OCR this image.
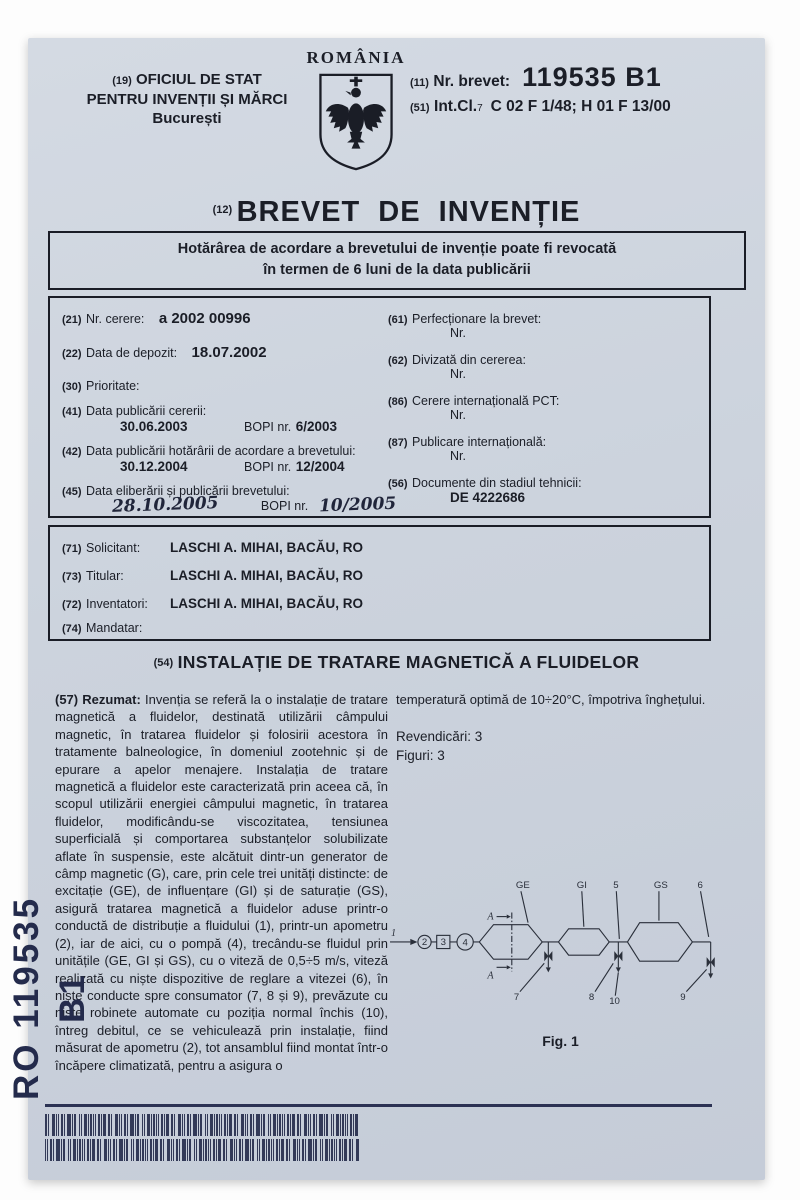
(19) OFICIUL DE STAT
PENTRU INVENȚII ȘI MĂRCI
București
ROMÂNIA
(11)
Nr. brevet: 119535 B1
(51)
Int.Cl. 7 C 02 F 1/48; H 01 F 13/00
$^{(12)}$ BREVET DE INVENȚIE
Hotărârea de acordare a brevetului de invenție poate fi revocată
în termen de 6 luni de la data publicării
(21) Nr. cerere: a 2002 00996
(22) Data de depozit: 18.07.2002
(30) Prioritate:
(41) Data publicării cererii:
30.06.2003	BOPI nr. 6/2003
(42) Data publicării hotărârii de acordare a brevetului:
30.12.2004	BOPI nr. 12/2004
(45) Data eliberării și publicării brevetului:
28.10.2005	BOPI nr. 10/2005
(61) Perfecționare la brevet:
Nr.
(62) Divizată din cererea:
Nr.
(86) Cerere internațională PCT:
Nr.
(87) Publicare internațională:
Nr.
(56) Documente din stadiul tehnicii:
DE 4222686
(71) Solicitant:	LASCHI A. MIHAI, BACĂU, RO
(73) Titular:	LASCHI A. MIHAI, BACĂU, RO
(72) Inventatori:	LASCHI A. MIHAI, BACĂU, RO
(74) Mandatar:
(54) INSTALAȚIE DE TRATARE MAGNETICĂ A FLUIDELOR
(57) Rezumat: Invenția se referă la o instalație de tratare magnetică a fluidelor, destinată utilizării câmpului magnetic, în tratarea fluidelor și folosirii acestora în tratamente balneologice, în domeniul zootehnic și de epurare a apelor menajere. Instalația de tratare magnetică a fluidelor este caracterizată prin aceea că, în scopul utilizării energiei câmpului magnetic, în tratarea fluidelor, modificându-se viscozitatea, tensiunea superficială și comportarea substanțelor solubilizate aflate în suspensie, este alcătuit dintr-un generator de câmp magnetic (G), care, prin cele trei unități distincte: de excitație (GE), de influențare (GI) și de saturație (GS), asigură tratarea magnetică a fluidelor aduse printr-o conductă de distribuție a fluidului (1), printr-un apometru (2), iar de aici, cu o pompă (4), trecându-se fluidul prin unitățile (GE, GI și GS), cu o viteză de 0,5÷5 m/s, viteză realizată cu niște dispozitive de reglare a vitezei (6), în niște conducte spre consumator (7, 8 și 9), prevăzute cu niște robinete automate cu poziția normal închis (10), întreg debitul, ce se vehiculează prin instalație, fiind măsurat de apometru (2), tot ansamblul fiind montat într-o încăpere climatizată, pentru a asigura o
temperatură optimă de 10÷20°C, împotriva înghețului.
Revendicări: 3
Figuri: 3
1
2 3 4
A
A
GE
7
GI	5
8 10
GS	6
9
Fig. 1
RO 119535 B1
